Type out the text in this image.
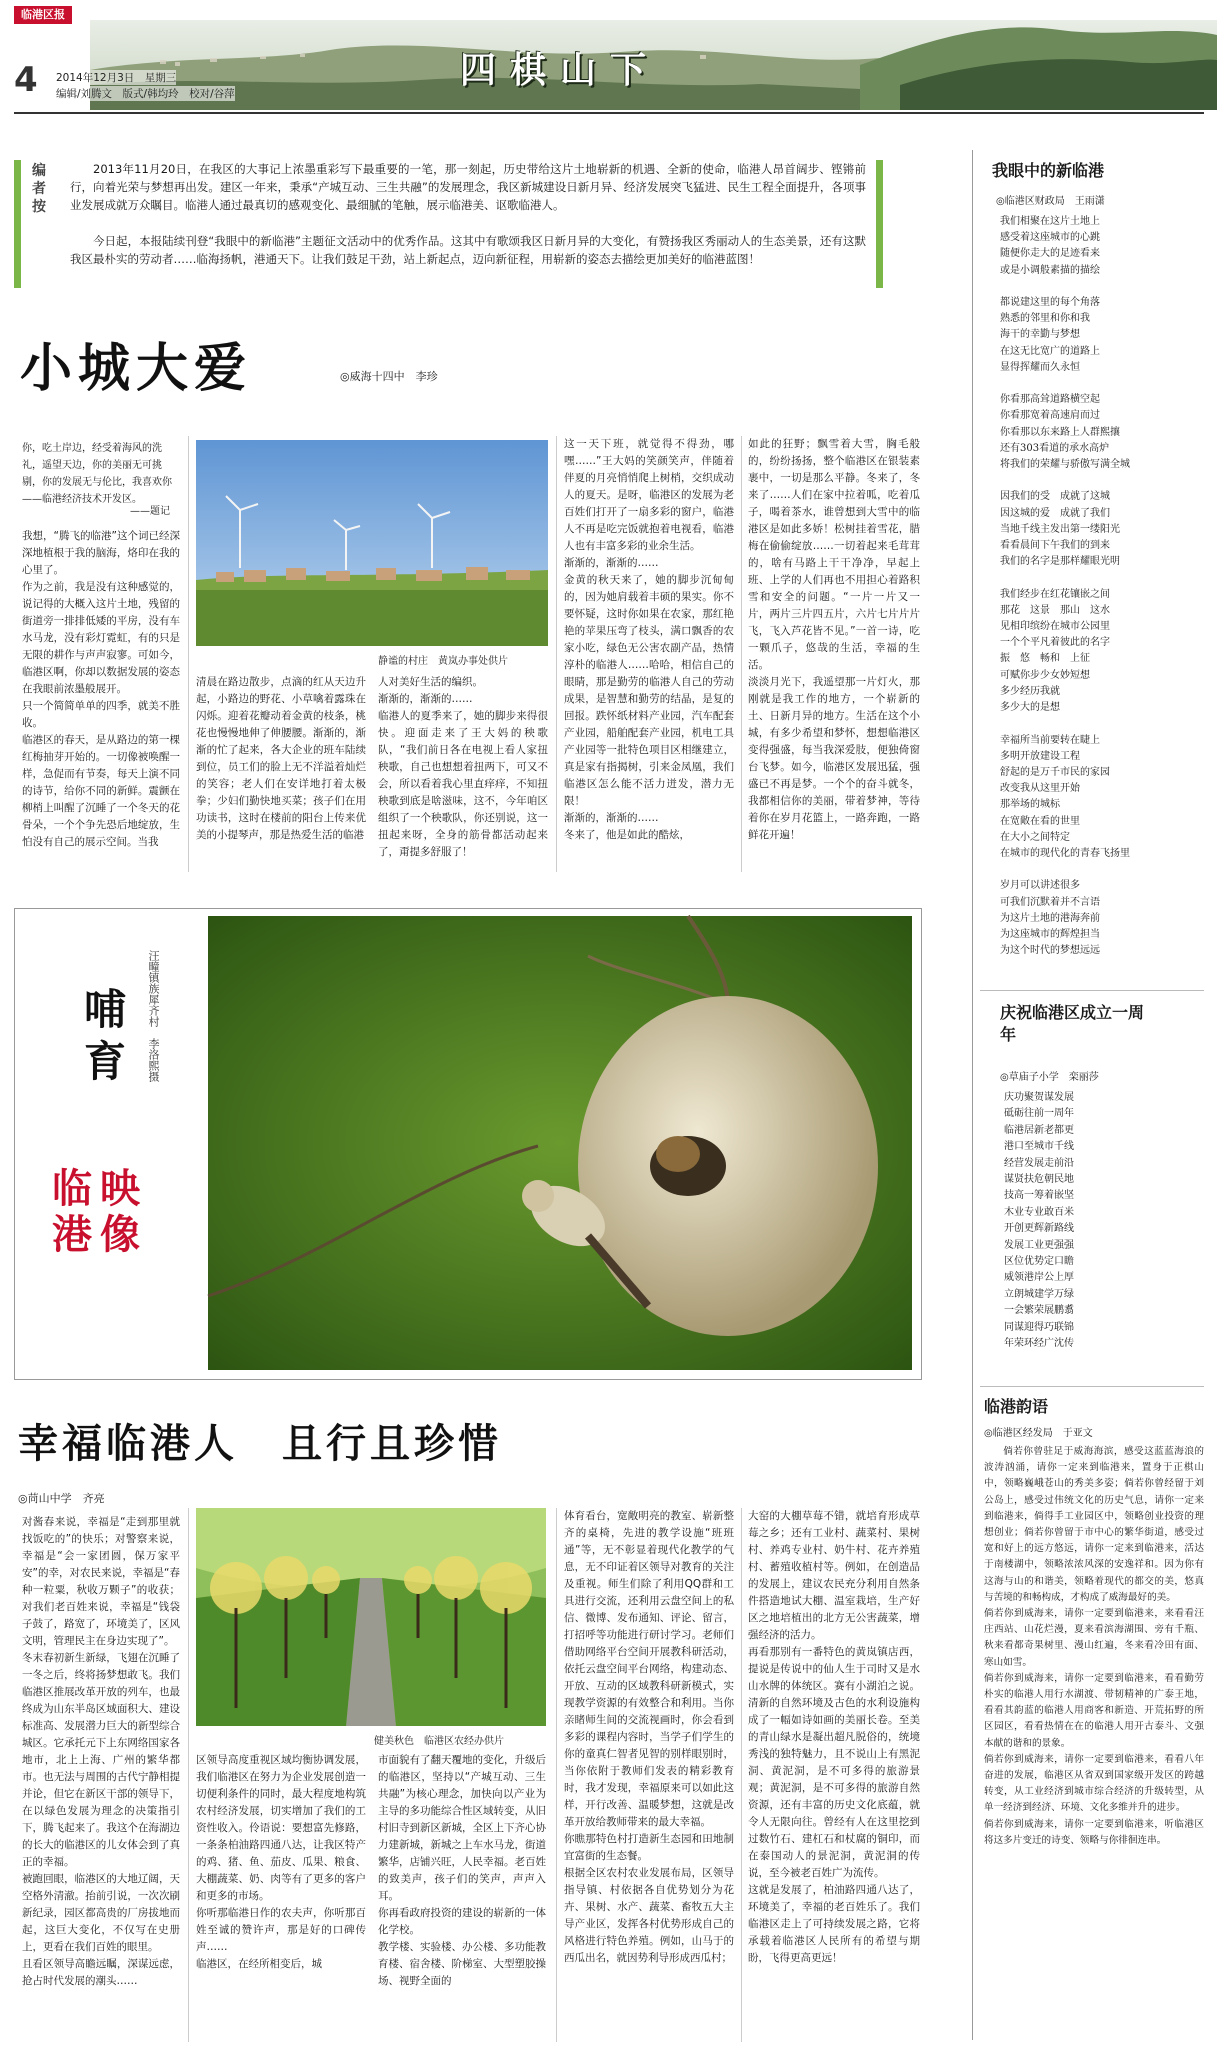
临港区报
4 2014年12月3日　星期三
编辑/刘腾文　版式/韩均玲　校对/谷萍
四棋山下
编者按
2013年11月20日，在我区的大事记上浓墨重彩写下最重要的一笔，那一刻起，历史带给这片土地崭新的机遇、全新的使命，临港人昂首阔步、铿锵前行，向着光荣与梦想再出发。建区一年来，秉承“产城互动、三生共融”的发展理念，我区新城建设日新月异、经济发展突飞猛进、民生工程全面提升，各项事业发展成就万众瞩目。临港人通过最真切的感观变化、最细腻的笔触，展示临港美、讴歌临港人。
今日起，本报陆续刊登“我眼中的新临港”主题征文活动中的优秀作品。这其中有歌颂我区日新月异的大变化，有赞扬我区秀丽动人的生态美景，还有这默我区最朴实的劳动者……临海扬帆，港通天下。让我们鼓足干劲，站上新起点，迈向新征程，用崭新的姿态去描绘更加美好的临港蓝图！
小城大爱	◎威海十四中　李珍
你，吃土岸边，经受着海风的洗礼，遥望天边，你的美丽无可挑剔，你的发展无与伦比，我喜欢你——临港经济技术开发区。
——题记
我想，“腾飞的临港”这个词已经深深地植根于我的脑海，烙印在我的心里了。
作为之前，我是没有这种感觉的，说记得的大概入这片土地，残留的街道旁一排排低矮的平房，没有车水马龙，没有彩灯霓虹，有的只是无限的耕作与声声寂寥。可如今，临港区啊，你却以数据发展的姿态在我眼前浓墨般展开。
只一个简简单单的四季，就美不胜收。
临港区的春天，是从路边的第一棵红梅抽芽开始的。一切像被唤醒一样，急促而有节奏，每天上演不同的诗节，给你不同的新鲜。震颤在柳梢上叫醒了沉睡了一个冬天的花骨朵，一个个争先恐后地绽放，生怕没有自己的展示空间。当我
静谧的村庄　黄岚办事处供片
清晨在路边散步，点滴的红从天边升起，小路边的野花、小草噙着露珠在闪烁。迎着花瓣动着金黄的枝条，桃花也慢慢地伸了伸腰腰。渐渐的，渐渐的忙了起来，各大企业的班车陆续到位，员工们的脸上无不洋溢着灿烂的笑容；老人们在安详地打着太极拳；少妇们勤快地买菜；孩子们在用功读书，这时在楼前的阳台上传来优美的小提琴声，那是热爱生活的临港
人对美好生活的编织。
渐渐的，渐渐的……
临港人的夏季来了，她的脚步来得很快。迎面走来了王大妈的秧歌队，“我们前日各在电视上看人家扭秧歌，自己也想想着扭两下，可又不会，所以看着我心里直痒痒，不知扭秧歌到底是啥滋味，这不，今年咱区组织了一个秧歌队，你还别说，这一扭起来呀，全身的筋骨都活动起来了，甭提多舒服了！
这一天下班，就觉得不得劲，哪嘿……”王大妈的笑颜笑声，伴随着伴夏的月亮悄悄爬上树梢，交织成动人的夏天。是呀，临港区的发展为老百姓们打开了一扇多彩的窗户，临港人不再是吃完饭就抱着电视看，临港人也有丰富多彩的业余生活。
渐渐的，渐渐的……
金黄的秋天来了，她的脚步沉甸甸的，因为她肩载着丰硕的果实。你不要怀疑，这时你如果在农家，那红艳艳的苹果压弯了枝头，满口飘香的农家小吃，绿色无公害农副产品，热情淳朴的临港人……哈哈，相信自己的眼睛，那是勤劳的临港人自己的劳动成果，是智慧和勤劳的结晶，是复的回报。跌怀纸材料产业园，汽车配套产业园，船舶配套产业园，机电工具产业园等一批特色项目区相继建立，真是家有指揭树，引来金凤凰，我们临港区怎么能不活力迸发，潜力无限！
渐渐的，渐渐的……
冬来了，他是如此的酷炫，
如此的狂野；飘雪着大雪，胸毛般的，纷纷扬扬，整个临港区在银装素裹中，一切是那么平静。冬来了，冬来了……人们在家中拉着呱，吃着瓜子，喝着茶水，谁曾想到大雪中的临港区是如此多娇！松树挂着雪花，腊梅在偷偷绽放……一切着起来毛茸茸的，啥有马路上干干净净，早起上班、上学的人们再也不用担心着路积雪和安全的问题。“一片一片又一片，两片三片四五片，六片七片片片飞，飞入芦花皆不见。”一首一诗，吃一颗爪子，悠哉的生活，幸福的生活。
淡淡月光下，我遥望那一片灯火，那刚就是我工作的地方，一个崭新的土、日新月异的地方。生活在这个小城，有多少希望和梦怀，想想临港区变得强盛，每当我深爱肢，便独倚窗台飞梦。如今，临港区发展迅猛，强盛已不再是梦。一个个的奋斗就冬，我都相信你的美丽，带着梦神，等待着你在岁月花篮上，一路奔跑，一路鲜花开遍！
哺育	汪疃镇族犀齐村　李洛熙摄
临港
映像
幸福临港人　且行且珍惜
◎苘山中学　齐亮
对酱春来说，幸福是“走到那里就找饭吃的”的快乐；对警察来说，幸福是“会一家团圆，保万家平安”的幸，对农民来说，幸福是“春种一粒粟，秋收万颗子”的收获；对我们老百姓来说，幸福是“钱袋子鼓了，路宽了，环境美了，区风文明，管理民主在身边实现了”。
冬末春初新生新绿，飞翅在沉睡了一冬之后，终将扬梦想敢飞。我们临港区推展改革开放的列车，也最终成为山东半岛区域面积大、建设标准高、发展潜力巨大的新型综合城区。它承托元下上东网络国家各地市，北上上海、广州的繁华都市。也无法与周围的古代宁静相提并论，但它在新区干部的领导下，在以绿色发展为理念的决策指引下，腾飞起来了。我这个在海湖边的长大的临港区的儿女体会到了真正的幸福。
被跑回眼，临港区的大地辽阔，天空格外清澈。抬前引说，一次次刷新纪录，园区都高贵的厂房拔地而起，这巨大变化，不仅写在史册上，更看在我们百姓的眼里。
且看区领导高瞻远瞩，深谋远虑，抢占时代发展的潮头……
健美秋色　临港区农经办供片
区领导高度重视区域均衡协调发展，我们临港区在努力为企业发展创造一切便利条件的同时，最大程度地构筑农村经济发展，切实增加了我们的工资性收入。伶语说：要想富先修路，一条条柏油路四通八达，让我区特产的鸡、猪、鱼、茄皮、瓜果、粮食、大棚蔬菜、奶、肉等有了更多的客户和更多的市场。
你听那临港日作的农夫声，你听那百姓至诚的赞许声，那是好的口碑传声……
临港区，在经所相变后，城
市面貌有了翻天覆地的变化，升级后的临港区，坚持以“产城互动、三生共融”为核心理念，加快向以产业为主导的多功能综合性区域转变，从旧村旧寺到新区新城，全区上下齐心协力建新城，新城之上车水马龙，街道繁华，店铺兴旺，人民幸福。老百姓的致美声，孩子们的笑声，声声入耳。
你再看政府投资的建设的崭新的一体化学校。
教学楼、实验楼、办公楼、多功能教育楼、宿舍楼、阶梯室、大型塑胶操场、视野全面的
体育看台，宽敞明亮的教室、崭新整齐的桌椅，先进的教学设施“班班通”等，无不彰显着现代化教学的气息，无不印证着区领导对教育的关注及重视。师生们除了利用QQ群和工具进行交流，还利用云盘空间上的私信、微博、发布通知、评论、留言，打招呼等功能进行研讨学习。老师们借助网络平台空间开展教科研活动，依托云盘空间平台网络，构建动态、开放、互动的区域教科研新模式，实现教学资源的有效整合和利用。当你亲睹师生间的交流视画时，你会看到多彩的课程内容时，当学子们学生的你的童真仁智者见智的别样眼别时，当你依附于教师们发表的精彩教育时，我才发现，幸福原来可以如此这样，开行改善、温暖梦想，这就是改革开放给教师带来的最大幸福。
你瞧那特色村打造新生态园和田地制宜富街的生态餐。
根据全区农村农业发展布局，区领导指导镇、村依据各自优势划分为花卉、果树、水产、蔬菜、畜牧五大主导产业区，发挥各村优势形成自己的风格进行特色养殖。例如，山马于的西瓜出名，就因势利导形成西瓜村；
大窑的大棚草莓不错，就培育形成草莓之乡；还有工业村、蔬菜村、果树村、养鸡专业村、奶牛村、花卉养殖村、蓄殖收植村等。例如，在创造品的发展上，建议农民充分利用自然条件搭造地试大棚、温室栽培，生产好区之地培植出的北方无公害蔬菜，增强经济的活力。
再看那别有一番特色的黄岚镇店西，提说是传说中的仙人生于司时又是水山水牌的体统区。赛有小湖泊之说。清新的自然环境及古色的水利设施构成了一幅如诗如画的美丽长卷。至美的青山绿水是凝出超凡脱俗的，统境秀浅的独特魅力，且不说山上有黑泥洞、黄泥洞，是不可多得的旅游景观；黄泥洞，是不可多得的旅游自然资源，还有丰富的历史文化底蕴，就令人无限向往。曾经有人在这里挖到过数竹石、建杠石和杖腐的铜印，而在泰国动人的景泥洞，黄泥洞的传说，至今被老百姓广为流传。
这就是发展了，柏油路四通八达了，环境美了，幸福的老百姓乐了。我们临港区走上了可持续发展之路，它将承载着临港区人民所有的希望与期盼，飞得更高更远！
我眼中的新临港
◎临港区财政局　王雨潇
我们相聚在这片土地上
感受着这座城市的心跳
随便你走大的足迹看来
或是小调般素描的描绘

都说建这里的每个角落
熟悉的邻里和你和我
海干的幸勤与梦想
在这无比宽广的道路上
显得挥耀而久永恒

你看那高耸道路横空起
你看那宽着高速肩而过
你看那以东来路上人群熙攘
还有303看道的承水高炉
将我们的荣耀与骄傲写满全城

因我们的受　成就了这城
因这城的爱　成就了我们
当地千线主发出第一缕阳光
看看晨间下午我们的到来
我们的名字是那样耀眼光明

我们经步在红花镶嵌之间
那花　这景　那山　这水
见相印缤纷在城市公园里
一个个平凡着彼此的名字
振　悠　畅和　上征
可赋你步少女妙短想
多少经历我就
多少大的是想

幸福所当前要转在睫上
多明开放建设工程
舒起的是万千市民的家园
改变我从这里开始
那举场的城标
在宽敞在看的世里
在大小之间特定
在城市的现代化的青春飞扬里

岁月可以讲述很多
可我们沉默着并不言语
为这片土地的港海奔前
为这座城市的辉煌担当
为这个时代的梦想远远
庆祝临港区成立一周年
◎草庙子小学　栾丽莎
庆功聚贺谋发展
砥砺往前一周年
临港居新老都更
港口至城市千线
经营发展走前沿
谋贤扶危朝民地
技高一筹着嵌坚
木业专业敢百米
开创更辉新路线
发展工业更强强
区位优势定口瞻
威领港岸公上厚
立朗城建学万绿
一会繁荣展鹏翥
同谋迎得巧联锦
年荣环经广沈传
临港韵语
◎临港区经发局　于亚文
倘若你曾驻足于威海海滨，感受这蓝蓝海浪的波涛汹涌，请你一定来到临港来，置身于正棋山中，领略巍峨苍山的秀美多姿；倘若你曾经留于刘公岛上，感受过伟统文化的历史气息，请你一定来到临港来，倘得手工业园区中，领略创业投资的理想创业；倘若你曾留于市中心的繁华街道，感受过宽和好上的远方悠远，请你一定来到临港来，活达于南楼湖中，领略浓浓风深的安逸祥和。因为你有这海与山的和谐美，领略着现代的都交的美，悠真与苦境的和畅构成，才构成了威海最好的美。
倘若你到威海来，请你一定要到临港来，来看看汪庄西站、山花烂漫，夏来看滨海湖围、旁有千瓶、秋来看都奇果树里、漫山红遍，冬来看冷田有面、寒山如雪。
倘若你到威海来，请你一定要到临港来，看看勤劳朴实的临港人用行水湖渡、带韧精神的广泰王地，看看其韵蓝的临港人用商客和新造、开荒拓野的所区园区，看看热情在在的临港人用开古泰斗、文强本献的谐和的景象。
倘若你到威海来，请你一定要到临港来，看看八年奋进的发展，临港区从省双到国家级开发区的跨越转变，从工业经济到城市综合经济的升级转型，从单一经济到经济、环境、文化多维并升的进步。
倘若你到威海来，请你一定要到临港来，听临港区将这多片变迁的诗变、领略与你徘徊连串。
